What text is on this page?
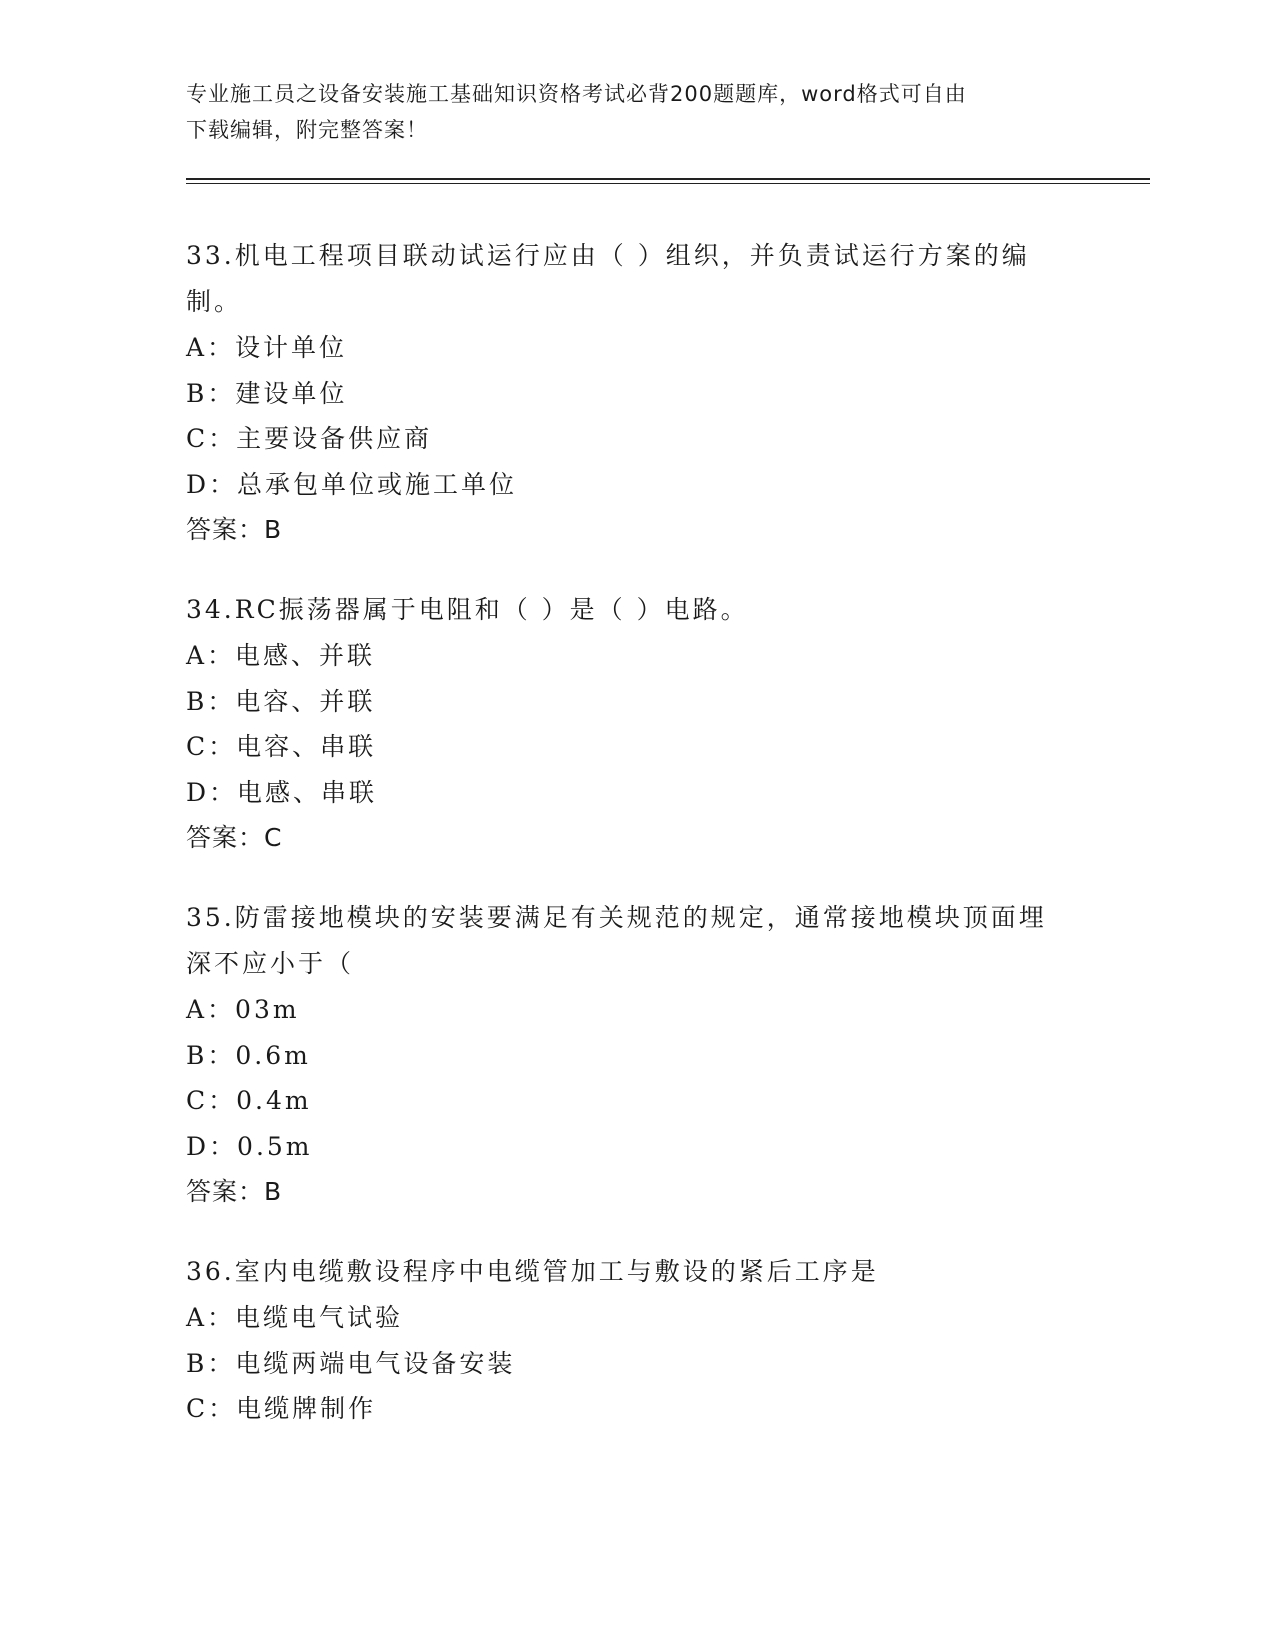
专业施工员之设备安装施工基础知识资格考试必背200题题库，word格式可自由
下载编辑，附完整答案！

33.机电工程项目联动试运行应由（ ）组织，并负责试运行方案的编
制。

A：设计单位
B：建设单位
C：主要设备供应商
D：总承包单位或施工单位
答案：B

34.RC振荡器属于电阻和（ ）是（ ）电路。

A：电感、并联
B：电容、并联
C：电容、串联
D：电感、串联
答案：C

35.防雷接地模块的安装要满足有关规范的规定，通常接地模块顶面埋
深不应小于（

A：03m
B：0.6m
C：0.4m
D：0.5m
答案：B

36.室内电缆敷设程序中电缆管加工与敷设的紧后工序是

A：电缆电气试验
B：电缆两端电气设备安装
C：电缆牌制作
